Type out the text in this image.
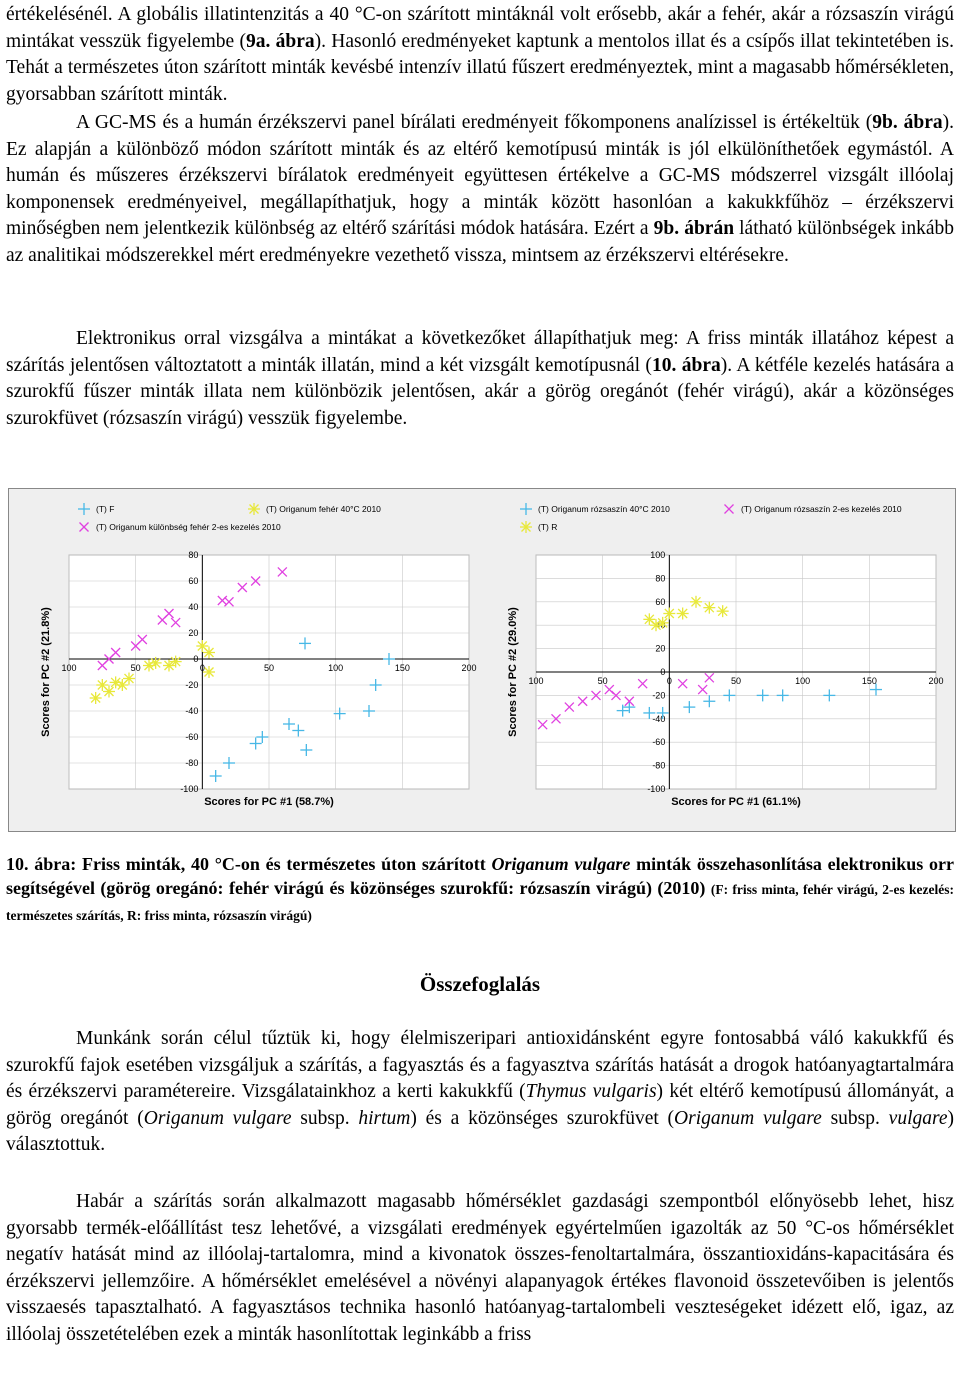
értékelésénél. A globális illatintenzitás a 40 °C-on szárított mintáknál volt erősebb, akár a fehér, akár a rózsaszín virágú mintákat vesszük figyelembe (9a. ábra). Hasonló eredményeket kaptunk a mentolos illat és a csípős illat tekintetében is. Tehát a természetes úton szárított minták kevésbé intenzív illatú fűszert eredményeztek, mint a magasabb hőmérsékleten, gyorsabban szárított minták.
A GC-MS és a humán érzékszervi panel bírálati eredményeit főkomponens analízissel is értékeltük (9b. ábra). Ez alapján a különböző módon szárított minták és az eltérő kemotípusú minták is jól elkülöníthetőek egymástól. A humán és műszeres érzékszervi bírálatok eredményeit együttesen értékelve a GC-MS módszerrel vizsgált illóolaj komponensek eredményeivel, megállapíthatjuk, hogy a minták között hasonlóan a kakukkfűhöz – érzékszervi minőségben nem jelentkezik különbség az eltérő szárítási módok hatására. Ezért a 9b. ábrán látható különbségek inkább az analitikai módszerekkel mért eredményekre vezethető vissza, mintsem az érzékszervi eltérésekre.
Elektronikus orral vizsgálva a mintákat a következőket állapíthatjuk meg: A friss minták illatához képest a szárítás jelentősen változtatott a minták illatán, mind a két vizsgált kemotípusnál (10. ábra). A kétféle kezelés hatására a szurokfű fűszer minták illata nem különbözik jelentősen, akár a görög oregánót (fehér virágú), akár a közönséges szurokfüvet (rózsaszín virágú) vesszük figyelembe.
80
60
40
20
0
-20
-40
-60
-80
-100
100	50	0	50	100	150	200
Scores for PC #1 (58.7%)
Scores for PC #2 (21.8%)
(T) F	(T) Origanum fehér 40°C 2010
(T) Origanum különbség fehér 2-es kezelés 2010
100
80
60
20
0
-20
-40
-60
-80
-100
100	50	0	50	100	150	200
Scores for PC #1 (61.1%)
Scores for PC #2 (29.0%)
(T) Origanum rózsaszín 40°C 2010	(T) Origanum rózsaszín 2-es kezelés 2010
(T) R
10. ábra: Friss minták, 40 °C-on és természetes úton szárított Origanum vulgare minták összehasonlítása elektronikus orr segítségével (görög oregánó: fehér virágú és közönséges szurokfű: rózsaszín virágú) (2010) (F: friss minta, fehér virágú, 2-es kezelés: természetes szárítás, R: friss minta, rózsaszín virágú)
Összefoglalás
Munkánk során célul tűztük ki, hogy élelmiszeripari antioxidánsként egyre fontosabbá váló kakukkfű és szurokfű fajok esetében vizsgáljuk a szárítás, a fagyasztás és a fagyasztva szárítás hatását a drogok hatóanyagtartalmára és érzékszervi paramétereire. Vizsgálatainkhoz a kerti kakukkfű (Thymus vulgaris) két eltérő kemotípusú állományát, a görög oregánót (Origanum vulgare subsp. hirtum) és a közönséges szurokfüvet (Origanum vulgare subsp. vulgare) választottuk.
Habár a szárítás során alkalmazott magasabb hőmérséklet gazdasági szempontból előnyösebb lehet, hisz gyorsabb termék-előállítást tesz lehetővé, a vizsgálati eredmények egyértelműen igazolták az 50 °C-os hőmérséklet negatív hatását mind az illóolaj-tartalomra, mind a kivonatok összes-fenoltartalmára, összantioxidáns-kapacitására és érzékszervi jellemzőire. A hőmérséklet emelésével a növényi alapanyagok értékes flavonoid összetevőiben is jelentős visszaesés tapasztalható. A fagyasztásos technika hasonló hatóanyag-tartalombeli veszteségeket idézett elő, igaz, az illóolaj összetételében ezek a minták hasonlítottak leginkább a friss
